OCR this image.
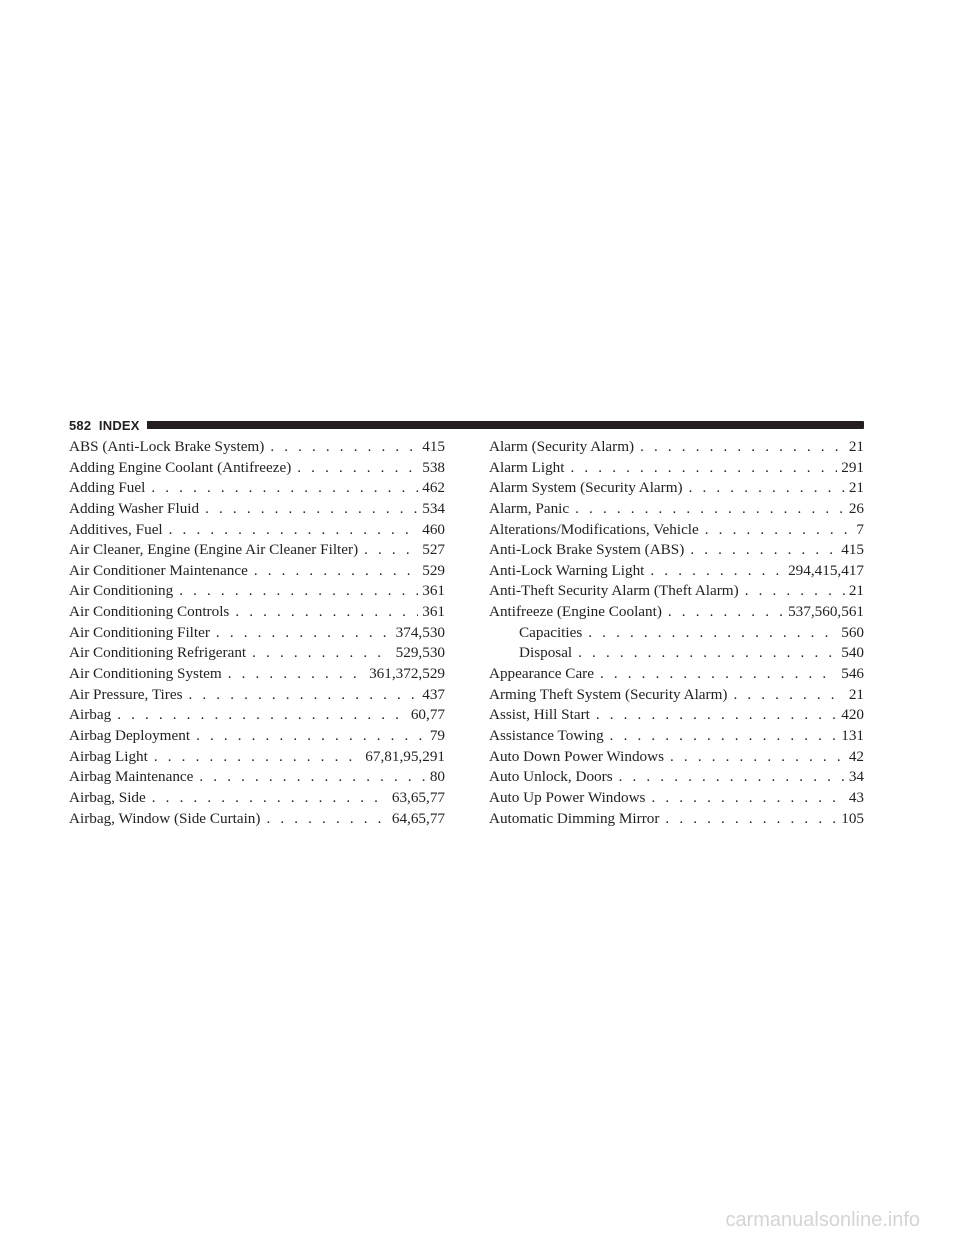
582 INDEX
ABS (Anti-Lock Brake System) . . .	415
Adding Engine Coolant (Antifreeze) . . .	538
Adding Fuel . . .	462
Adding Washer Fluid . . .	534
Additives, Fuel . . .	460
Air Cleaner, Engine (Engine Air Cleaner Filter) . . .	527
Air Conditioner Maintenance . . .	529
Air Conditioning . . .	361
Air Conditioning Controls . . .	361
Air Conditioning Filter . . .	374,530
Air Conditioning Refrigerant . . .	529,530
Air Conditioning System . . .	361,372,529
Air Pressure, Tires . . .	437
Airbag . . .	60,77
Airbag Deployment . . .	79
Airbag Light . . .	67,81,95,291
Airbag Maintenance . . .	80
Airbag, Side . . .	63,65,77
Airbag, Window (Side Curtain) . . .	64,65,77
Alarm (Security Alarm) . . .	21
Alarm Light . . .	291
Alarm System (Security Alarm) . . .	21
Alarm, Panic . . .	26
Alterations/Modifications, Vehicle . . .	7
Anti-Lock Brake System (ABS) . . .	415
Anti-Lock Warning Light . . .	294,415,417
Anti-Theft Security Alarm (Theft Alarm) . . .	21
Antifreeze (Engine Coolant) . . .	537,560,561
Capacities . . .	560
Disposal . . .	540
Appearance Care . . .	546
Arming Theft System (Security Alarm) . . .	21
Assist, Hill Start . . .	420
Assistance Towing . . .	131
Auto Down Power Windows . . .	42
Auto Unlock, Doors . . .	34
Auto Up Power Windows . . .	43
Automatic Dimming Mirror . . .	105
carmanualsonline.info
